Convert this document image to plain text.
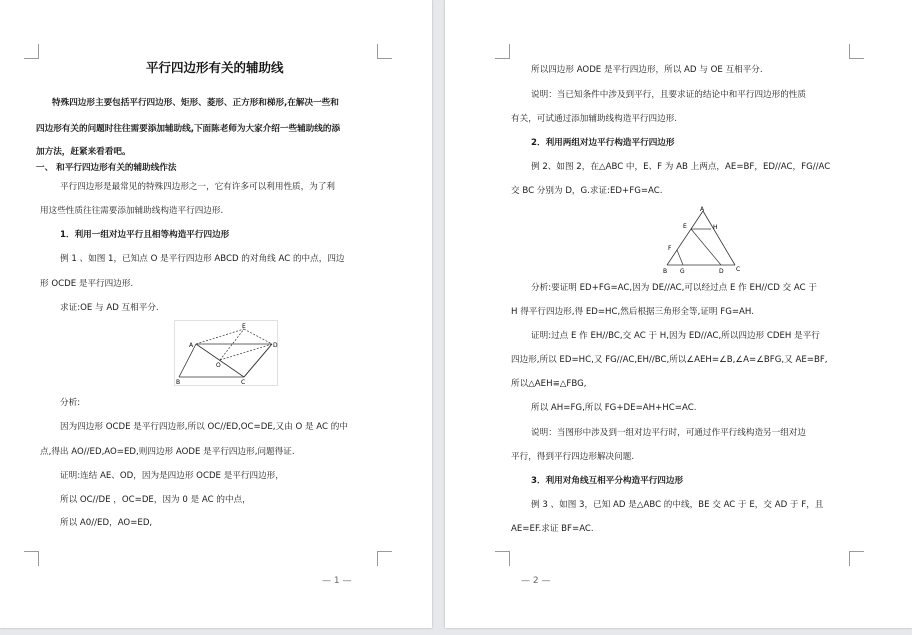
平行四边形有关的辅助线
特殊四边形主要包括平行四边形、矩形、菱形、正方形和梯形,在解决一些和
四边形有关的问题时往往需要添加辅助线,下面陈老师为大家介绍一些辅助线的添
加方法，赶紧来看看吧。
一、 和平行四边形有关的辅助线作法
平行四边形是最常见的特殊四边形之一，它有许多可以利用性质，为了利
用这些性质往往需要添加辅助线构造平行四边形.
1．利用一组对边平行且相等构造平行四边形
例 1 、如图 1，已知点 O 是平行四边形 ABCD 的对角线 AC 的中点，四边
形 OCDE 是平行四边形.
求证:OE 与 AD 互相平分.
A
E
D
O
B	C
分析:
因为四边形 OCDE 是平行四边形,所以 OC//ED,OC=DE,又由 O 是 AC 的中
点,得出 AO//ED,AO=ED,则四边形 AODE 是平行四边形,问题得证.
证明:连结 AE、OD，因为是四边形 OCDE 是平行四边形，
所以 OC//DE ，OC=DE，因为 0 是 AC 的中点，
所以 A0//ED，AO=ED,
— 1 —
所以四边形 AODE 是平行四边形，所以 AD 与 OE 互相平分.
说明：当已知条件中涉及到平行，且要求证的结论中和平行四边形的性质
有关，可试通过添加辅助线构造平行四边形.
2．利用两组对边平行构造平行四边形
例 2、如图 2，在△ABC 中，E、F 为 AB 上两点，AE=BF，ED//AC，FG//AC
交 BC 分别为 D，G.求证:ED+FG=AC.
A
E	H
F
B G	D C
分析:要证明 ED+FG=AC,因为 DE//AC,可以经过点 E 作 EH//CD 交 AC 于
H 得平行四边形,得 ED=HC,然后根据三角形全等,证明 FG=AH.
证明:过点 E 作 EH//BC,交 AC 于 H,因为 ED//AC,所以四边形 CDEH 是平行
四边形,所以 ED=HC,又 FG//AC,EH//BC,所以∠AEH=∠B,∠A=∠BFG,又 AE=BF,
所以△AEH≌△FBG,
所以 AH=FG,所以 FG+DE=AH+HC=AC.
说明：当图形中涉及到一组对边平行时，可通过作平行线构造另一组对边
平行，得到平行四边形解决问题.
3．利用对角线互相平分构造平行四边形
例 3 、如图 3，已知 AD 是△ABC 的中线，BE 交 AC 于 E，交 AD 于 F，且
AE=EF.求证 BF=AC.
— 2 —
